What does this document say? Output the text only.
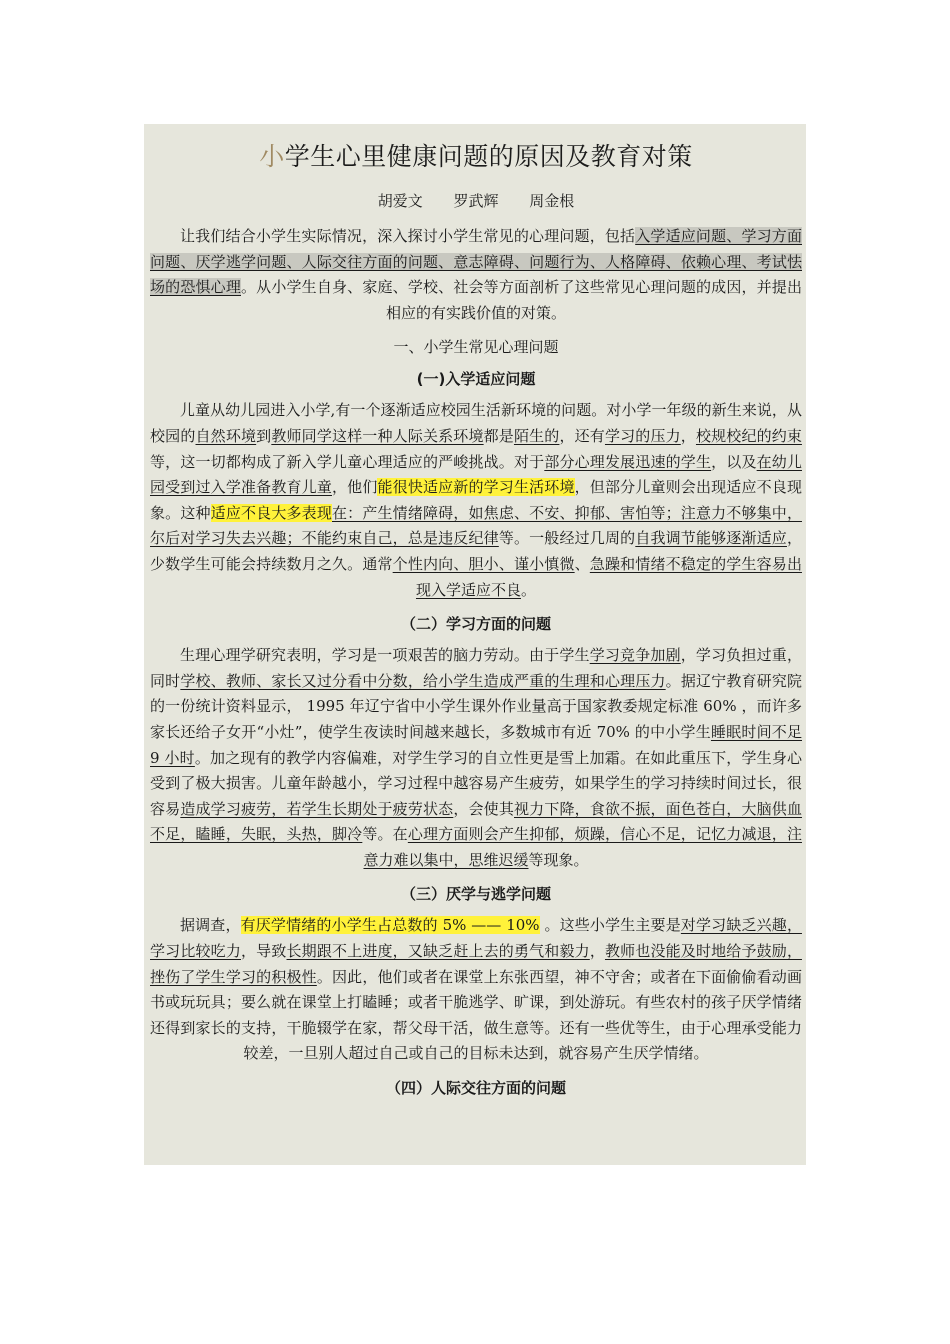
小学生心里健康问题的原因及教育对策
胡爱文 罗武辉 周金根

让我们结合小学生实际情况，深入探讨小学生常见的心理问题，包括入学适应问题、学习方面问题、厌学逃学问题、人际交往方面的问题、意志障碍、问题行为、人格障碍、依赖心理、考试怯场的恐惧心理。从小学生自身、家庭、学校、社会等方面剖析了这些常见心理问题的成因，并提出相应的有实践价值的对策。

一、小学生常见心理问题
(一)入学适应问题

儿童从幼儿园进入小学,有一个逐渐适应校园生活新环境的问题。对小学一年级的新生来说，从校园的自然环境到教师同学这样一种人际关系环境都是陌生的，还有学习的压力，校规校纪的约束等，这一切都构成了新入学儿童心理适应的严峻挑战。对于部分心理发展迅速的学生，以及在幼儿园受到过入学准备教育儿童，他们能很快适应新的学习生活环境，但部分儿童则会出现适应不良现象。这种适应不良大多表现在：产生情绪障碍，如焦虑、不安、抑郁、害怕等；注意力不够集中，尔后对学习失去兴趣；不能约束自己，总是违反纪律等。一般经过几周的自我调节能够逐渐适应，少数学生可能会持续数月之久。通常个性内向、胆小、谨小慎微、急躁和情绪不稳定的学生容易出现入学适应不良。

（二）学习方面的问题

生理心理学研究表明，学习是一项艰苦的脑力劳动。由于学生学习竞争加剧，学习负担过重，同时学校、教师、家长又过分看中分数，给小学生造成严重的生理和心理压力。据辽宁教育研究院的一份统计资料显示， 1995 年辽宁省中小学生课外作业量高于国家教委规定标准 60% ，而许多家长还给子女开“小灶”，使学生夜读时间越来越长，多数城市有近 70% 的中小学生睡眠时间不足 9 小时。加之现有的教学内容偏难，对学生学习的自立性更是雪上加霜。在如此重压下，学生身心受到了极大损害。儿童年龄越小，学习过程中越容易产生疲劳，如果学生的学习持续时间过长，很容易造成学习疲劳，若学生长期处于疲劳状态，会使其视力下降，食欲不振，面色苍白，大脑供血不足，瞌睡，失眠，头热，脚冷等。在心理方面则会产生抑郁，烦躁，信心不足，记忆力减退，注意力难以集中，思维迟缓等现象。

（三）厌学与逃学问题

据调查，有厌学情绪的小学生占总数的 5% —— 10% 。这些小学生主要是对学习缺乏兴趣，学习比较吃力，导致长期跟不上进度，又缺乏赶上去的勇气和毅力，教师也没能及时地给予鼓励，挫伤了学生学习的积极性。因此，他们或者在课堂上东张西望，神不守舍；或者在下面偷偷看动画书或玩玩具；要么就在课堂上打瞌睡；或者干脆逃学、旷课，到处游玩。有些农村的孩子厌学情绪还得到家长的支持，干脆辍学在家，帮父母干活，做生意等。还有一些优等生，由于心理承受能力较差，一旦别人超过自己或自己的目标未达到，就容易产生厌学情绪。

（四）人际交往方面的问题
